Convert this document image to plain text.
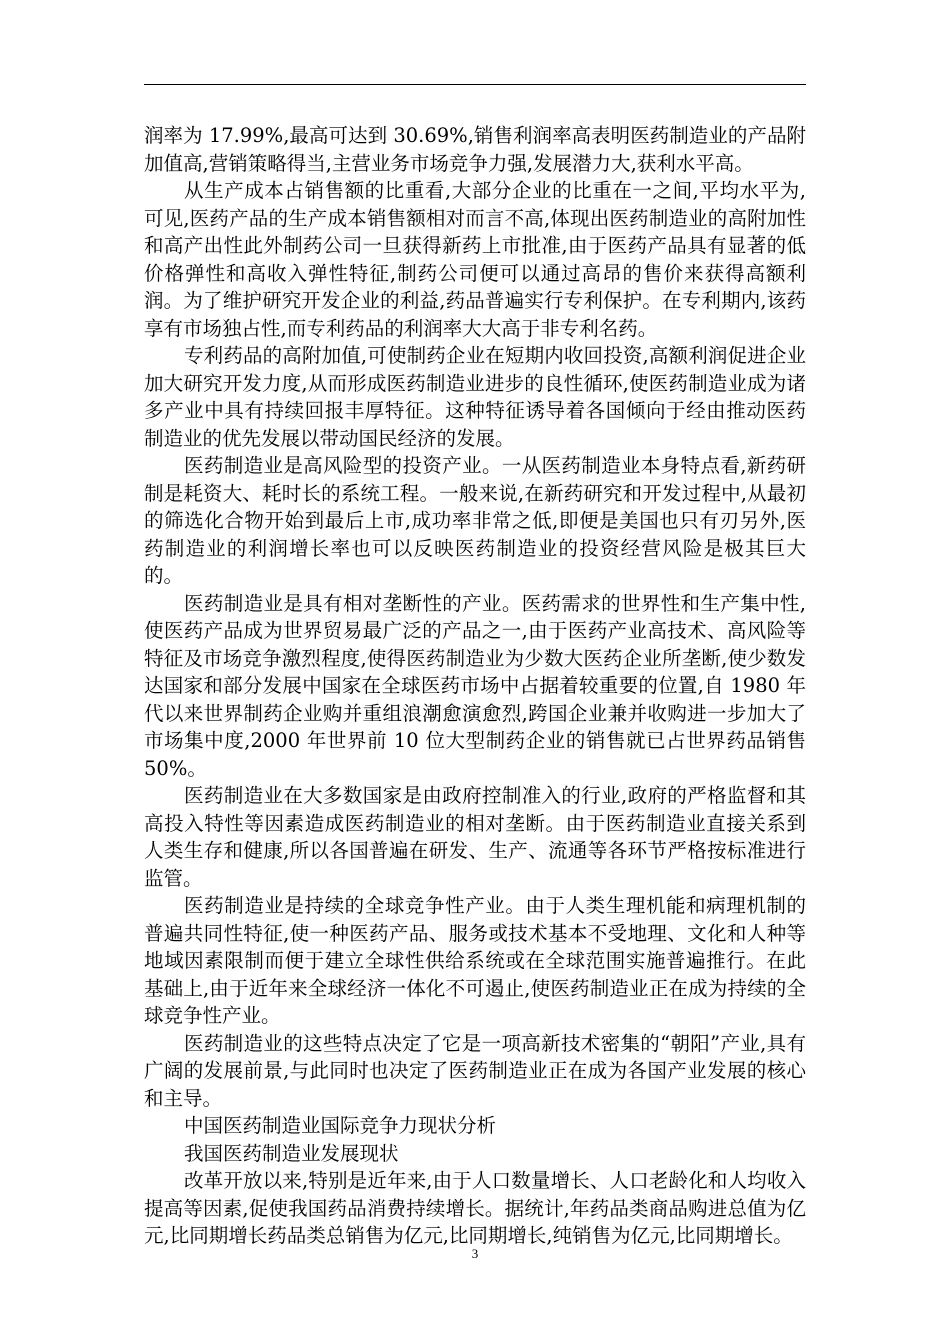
润率为 17.99%,最高可达到 30.69%,销售利润率高表明医药制造业的产品附加值高,营销策略得当,主营业务市场竞争力强,发展潜力大,获利水平高。

从生产成本占销售额的比重看,大部分企业的比重在一之间,平均水平为,可见,医药产品的生产成本销售额相对而言不高,体现出医药制造业的高附加性和高产出性此外制药公司一旦获得新药上市批准,由于医药产品具有显著的低价格弹性和高收入弹性特征,制药公司便可以通过高昂的售价来获得高额利润。为了维护研究开发企业的利益,药品普遍实行专利保护。在专利期内,该药享有市场独占性,而专利药品的利润率大大高于非专利名药。

专利药品的高附加值,可使制药企业在短期内收回投资,高额利润促进企业加大研究开发力度,从而形成医药制造业进步的良性循环,使医药制造业成为诸多产业中具有持续回报丰厚特征。这种特征诱导着各国倾向于经由推动医药制造业的优先发展以带动国民经济的发展。

医药制造业是高风险型的投资产业。一从医药制造业本身特点看,新药研制是耗资大、耗时长的系统工程。一般来说,在新药研究和开发过程中,从最初的筛选化合物开始到最后上市,成功率非常之低,即便是美国也只有刃另外,医药制造业的利润增长率也可以反映医药制造业的投资经营风险是极其巨大的。

医药制造业是具有相对垄断性的产业。医药需求的世界性和生产集中性,使医药产品成为世界贸易最广泛的产品之一,由于医药产业高技术、高风险等特征及市场竞争激烈程度,使得医药制造业为少数大医药企业所垄断,使少数发达国家和部分发展中国家在全球医药市场中占据着较重要的位置,自 1980 年代以来世界制药企业购并重组浪潮愈演愈烈,跨国企业兼并收购进一步加大了市场集中度,2000 年世界前 10 位大型制药企业的销售就已占世界药品销售 50%。

医药制造业在大多数国家是由政府控制准入的行业,政府的严格监督和其高投入特性等因素造成医药制造业的相对垄断。由于医药制造业直接关系到人类生存和健康,所以各国普遍在研发、生产、流通等各环节严格按标准进行监管。

医药制造业是持续的全球竞争性产业。由于人类生理机能和病理机制的普遍共同性特征,使一种医药产品、服务或技术基本不受地理、文化和人种等地域因素限制而便于建立全球性供给系统或在全球范围实施普遍推行。在此基础上,由于近年来全球经济一体化不可遏止,使医药制造业正在成为持续的全球竞争性产业。

医药制造业的这些特点决定了它是一项高新技术密集的“朝阳”产业,具有广阔的发展前景,与此同时也决定了医药制造业正在成为各国产业发展的核心和主导。

中国医药制造业国际竞争力现状分析

我国医药制造业发展现状

改革开放以来,特别是近年来,由于人口数量增长、人口老龄化和人均收入提高等因素,促使我国药品消费持续增长。据统计,年药品类商品购进总值为亿元,比同期增长药品类总销售为亿元,比同期增长,纯销售为亿元,比同期增长。

3
